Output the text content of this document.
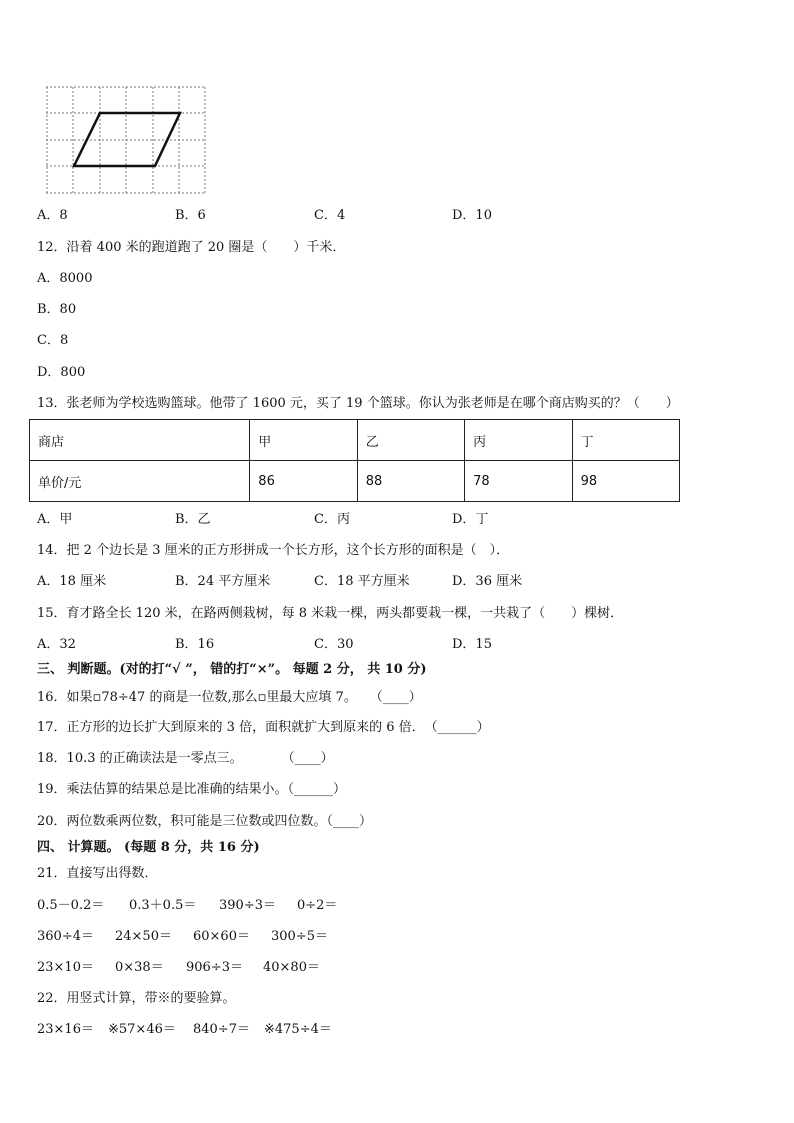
A．8	B．6	C．4	D．10
12．沿着 400 米的跑道跑了 20 圈是（　　）千米．
A．8000
B．80
C．8
D．800
13．张老师为学校选购篮球。他带了 1600 元，买了 19 个篮球。你认为张老师是在哪个商店购买的？（　　）
商店	甲	乙	丙	丁
单价/元	86	88	78	98
A．甲	B．乙	C．丙	D．丁
14．把 2 个边长是 3 厘米的正方形拼成一个长方形，这个长方形的面积是（　）．
A．18 厘米	B．24 平方厘米	C．18 平方厘米	D．36 厘米
15．育才路全长 120 米，在路两侧栽树，每 8 米栽一棵，两头都要栽一棵，一共栽了（　　）棵树．
A．32	B．16	C．30	D．15
三、 判断题。(对的打“√ ”， 错的打“×”。 每题 2 分， 共 10 分)
16．如果▫78÷47 的商是一位数,那么▫里最大应填 7。　　（____）
17．正方形的边长扩大到原来的 3 倍，面积就扩大到原来的 6 倍．　（______）
18．10.3 的正确读法是一零点三。　　　　（____）
19．乘法估算的结果总是比准确的结果小。（______）
20．两位数乘两位数，积可能是三位数或四位数。（____）
四、 计算题。 (每题 8 分，共 16 分)
21．直接写出得数．
0.5－0.2＝ 0.3＋0.5＝ 390÷3＝ 0÷2＝
360÷4＝ 24×50＝ 60×60＝ 300÷5＝
23×10＝ 0×38＝ 906÷3＝ 40×80＝
22．用竖式计算，带※的要验算。
23×16＝ ※57×46＝ 840÷7＝ ※475÷4＝
